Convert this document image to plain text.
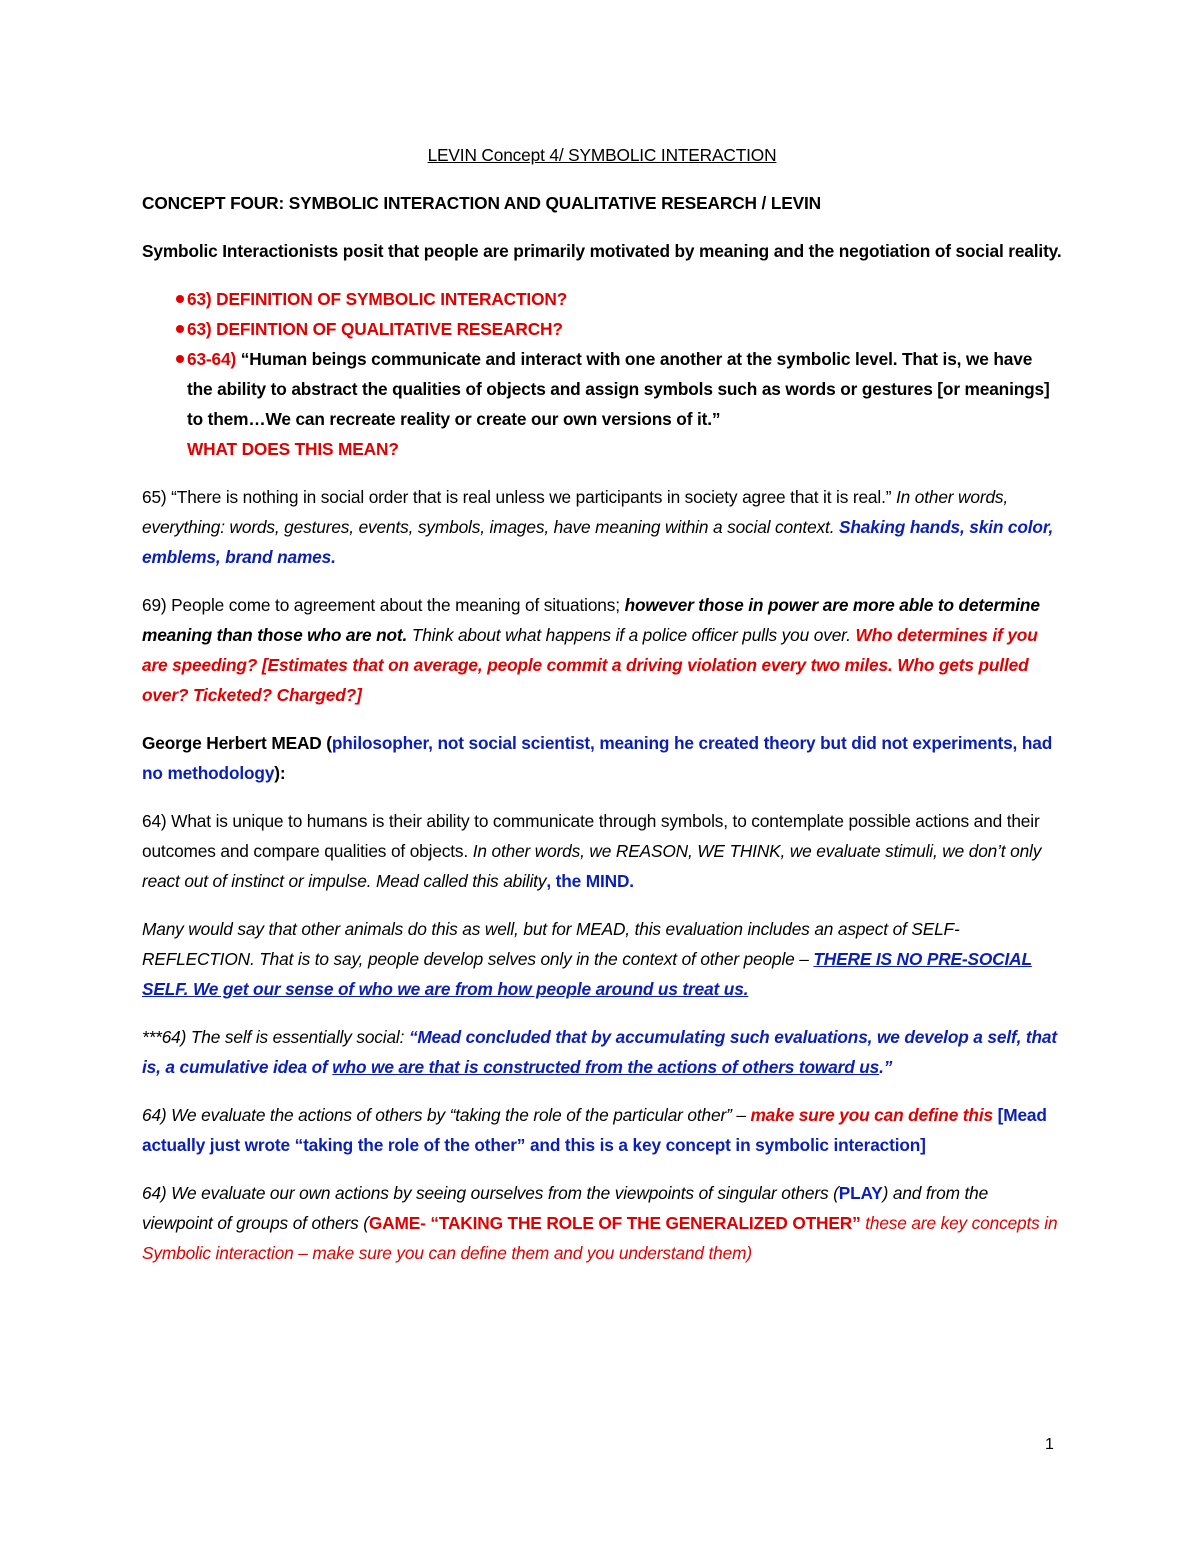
LEVIN Concept 4/ SYMBOLIC INTERACTION

CONCEPT FOUR: SYMBOLIC INTERACTION AND QUALITATIVE RESEARCH / LEVIN

Symbolic Interactionists posit that people are primarily motivated by meaning and the negotiation of social reality.

63) DEFINITION OF SYMBOLIC INTERACTION?
63) DEFINTION OF QUALITATIVE RESEARCH?
63-64) “Human beings communicate and interact with one another at the symbolic level. That is, we have the ability to abstract the qualities of objects and assign symbols such as words or gestures [or meanings] to them…We can recreate reality or create our own versions of it.”
WHAT DOES THIS MEAN?

65) “There is nothing in social order that is real unless we participants in society agree that it is real.” In other words, everything: words, gestures, events, symbols, images, have meaning within a social context. Shaking hands, skin color, emblems, brand names.

69) People come to agreement about the meaning of situations; however those in power are more able to determine meaning than those who are not. Think about what happens if a police officer pulls you over. Who determines if you are speeding? [Estimates that on average, people commit a driving violation every two miles. Who gets pulled over? Ticketed? Charged?]

George Herbert MEAD (philosopher, not social scientist, meaning he created theory but did not experiments, had no methodology):

64) What is unique to humans is their ability to communicate through symbols, to contemplate possible actions and their outcomes and compare qualities of objects. In other words, we REASON, WE THINK, we evaluate stimuli, we don’t only react out of instinct or impulse. Mead called this ability, the MIND.

Many would say that other animals do this as well, but for MEAD, this evaluation includes an aspect of SELF-REFLECTION. That is to say, people develop selves only in the context of other people – THERE IS NO PRE-SOCIAL SELF. We get our sense of who we are from how people around us treat us.

***64) The self is essentially social: “Mead concluded that by accumulating such evaluations, we develop a self, that is, a cumulative idea of who we are that is constructed from the actions of others toward us.”

64) We evaluate the actions of others by “taking the role of the particular other” – make sure you can define this [Mead actually just wrote “taking the role of the other” and this is a key concept in symbolic interaction]

64) We evaluate our own actions by seeing ourselves from the viewpoints of singular others (PLAY) and from the viewpoint of groups of others (GAME- “TAKING THE ROLE OF THE GENERALIZED OTHER” these are key concepts in Symbolic interaction – make sure you can define them and you understand them)

1
